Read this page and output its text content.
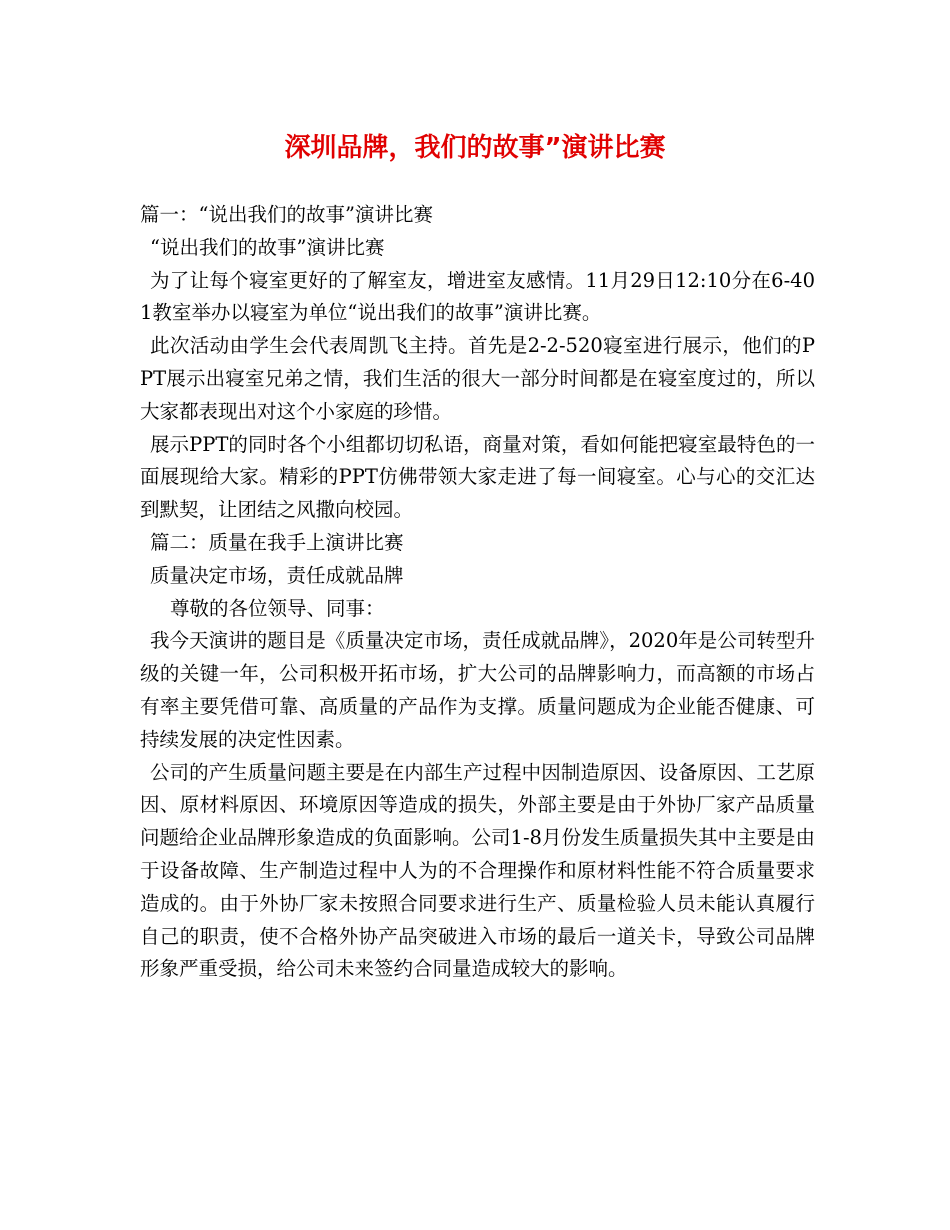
深圳品牌，我们的故事”演讲比赛

篇一：“说出我们的故事”演讲比赛

“说出我们的故事”演讲比赛

为了让每个寝室更好的了解室友，增进室友感情。11月29日12:10分在6-401教室举办以寝室为单位“说出我们的故事”演讲比赛。

此次活动由学生会代表周凯飞主持。首先是2-2-520寝室进行展示，他们的PPT展示出寝室兄弟之情，我们生活的很大一部分时间都是在寝室度过的，所以大家都表现出对这个小家庭的珍惜。

展示PPT的同时各个小组都切切私语，商量对策，看如何能把寝室最特色的一面展现给大家。精彩的PPT仿佛带领大家走进了每一间寝室。心与心的交汇达到默契，让团结之风撒向校园。

篇二：质量在我手上演讲比赛

质量决定市场，责任成就品牌

尊敬的各位领导、同事：

我今天演讲的题目是《质量决定市场，责任成就品牌》，2020年是公司转型升级的关键一年，公司积极开拓市场，扩大公司的品牌影响力，而高额的市场占有率主要凭借可靠、高质量的产品作为支撑。质量问题成为企业能否健康、可持续发展的决定性因素。

公司的产生质量问题主要是在内部生产过程中因制造原因、设备原因、工艺原因、原材料原因、环境原因等造成的损失，外部主要是由于外协厂家产品质量问题给企业品牌形象造成的负面影响。公司1-8月份发生质量损失其中主要是由于设备故障、生产制造过程中人为的不合理操作和原材料性能不符合质量要求造成的。由于外协厂家未按照合同要求进行生产、质量检验人员未能认真履行自己的职责，使不合格外协产品突破进入市场的最后一道关卡，导致公司品牌形象严重受损，给公司未来签约合同量造成较大的影响。
